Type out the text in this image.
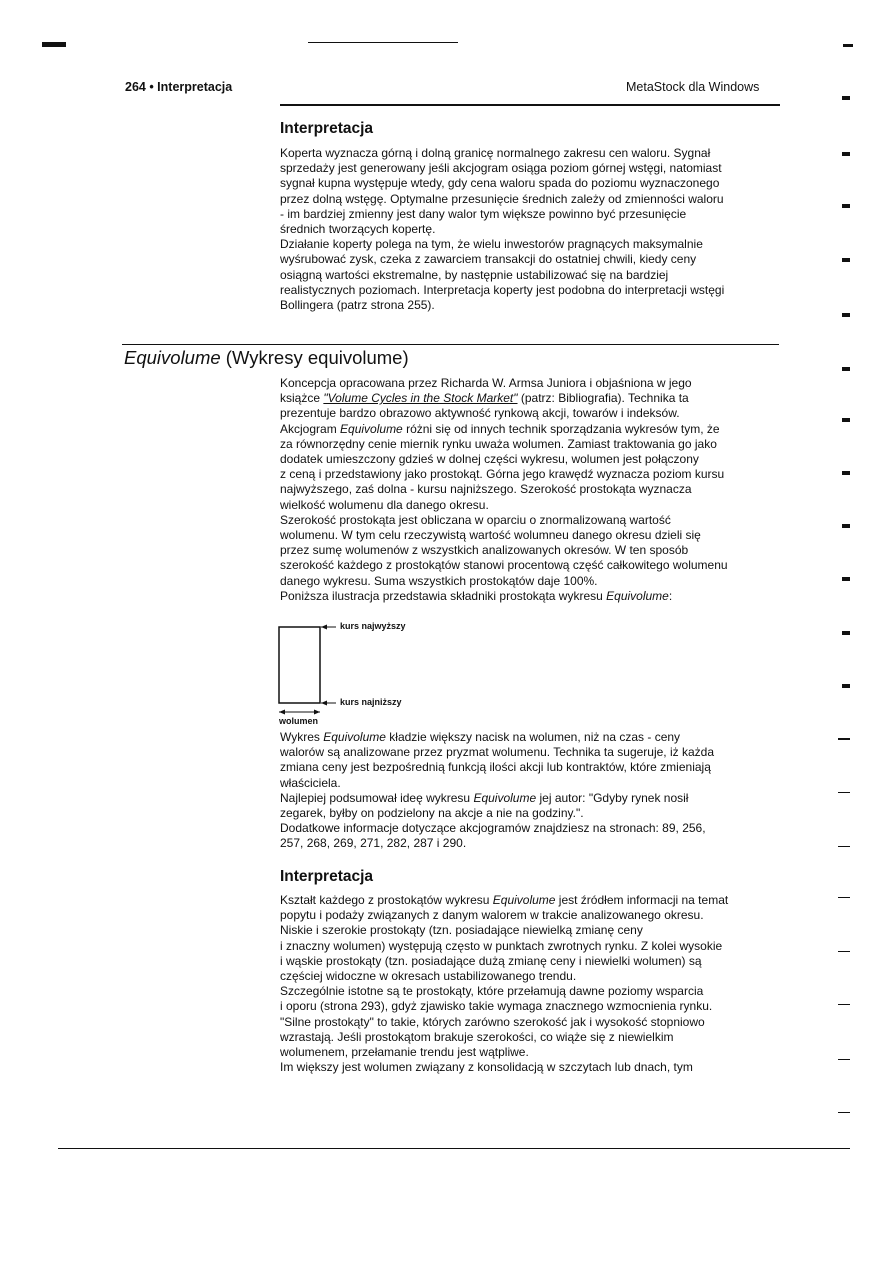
264 • Interpretacja	MetaStock dla Windows
Interpretacja

Koperta wyznacza górną i dolną granicę normalnego zakresu cen waloru. Sygnał
sprzedaży jest generowany jeśli akcjogram osiąga poziom górnej wstęgi, natomiast
sygnał kupna występuje wtedy, gdy cena waloru spada do poziomu wyznaczonego
przez dolną wstęgę. Optymalne przesunięcie średnich zależy od zmienności waloru
- im bardziej zmienny jest dany walor tym większe powinno być przesunięcie
średnich tworzących kopertę.

Działanie koperty polega na tym, że wielu inwestorów pragnących maksymalnie
wyśrubować zysk, czeka z zawarciem transakcji do ostatniej chwili, kiedy ceny
osiągną wartości ekstremalne, by następnie ustabilizować się na bardziej
realistycznych poziomach. Interpretacja koperty jest podobna do interpretacji wstęgi
Bollingera (patrz strona 255).

Equivolume (Wykresy equivolume)

Koncepcja opracowana przez Richarda W. Armsa Juniora i objaśniona w jego
książce "Volume Cycles in the Stock Market" (patrz: Bibliografia). Technika ta
prezentuje bardzo obrazowo aktywność rynkową akcji, towarów i indeksów.

Akcjogram Equivolume różni się od innych technik sporządzania wykresów tym, że
za równorzędny cenie miernik rynku uważa wolumen. Zamiast traktowania go jako
dodatek umieszczony gdzieś w dolnej części wykresu, wolumen jest połączony
z ceną i przedstawiony jako prostokąt. Górna jego krawędź wyznacza poziom kursu
najwyższego, zaś dolna - kursu najniższego. Szerokość prostokąta wyznacza
wielkość wolumenu dla danego okresu.

Szerokość prostokąta jest obliczana w oparciu o znormalizowaną wartość
wolumenu. W tym celu rzeczywistą wartość wolumneu danego okresu dzieli się
przez sumę wolumenów z wszystkich analizowanych okresów. W ten sposób
szerokość każdego z prostokątów stanowi procentową część całkowitego wolumenu
danego wykresu. Suma wszystkich prostokątów daje 100%.

Poniższa ilustracja przedstawia składniki prostokąta wykresu Equivolume:

kurs najwyższy
kurs najniższy
wolumen

Wykres Equivolume kładzie większy nacisk na wolumen, niż na czas - ceny
walorów są analizowane przez pryzmat wolumenu. Technika ta sugeruje, iż każda
zmiana ceny jest bezpośrednią funkcją ilości akcji lub kontraktów, które zmieniają
właściciela.

Najlepiej podsumował ideę wykresu Equivolume jej autor: "Gdyby rynek nosił
zegarek, byłby on podzielony na akcje a nie na godziny.".

Dodatkowe informacje dotyczące akcjogramów znajdziesz na stronach: 89, 256,
257, 268, 269, 271, 282, 287 i 290.

Interpretacja

Kształt każdego z prostokątów wykresu Equivolume jest źródłem informacji na temat
popytu i podaży związanych z danym walorem w trakcie analizowanego okresu.

Niskie i szerokie prostokąty (tzn. posiadające niewielką zmianę ceny
i znaczny wolumen) występują często w punktach zwrotnych rynku. Z kolei wysokie
i wąskie prostokąty (tzn. posiadające dużą zmianę ceny i niewielki wolumen) są
częściej widoczne w okresach ustabilizowanego trendu.

Szczególnie istotne są te prostokąty, które przełamują dawne poziomy wsparcia
i oporu (strona 293), gdyż zjawisko takie wymaga znacznego wzmocnienia rynku.
"Silne prostokąty" to takie, których zarówno szerokość jak i wysokość stopniowo
wzrastają. Jeśli prostokątom brakuje szerokości, co wiąże się z niewielkim
wolumenem, przełamanie trendu jest wątpliwe.

Im większy jest wolumen związany z konsolidacją w szczytach lub dnach, tym
